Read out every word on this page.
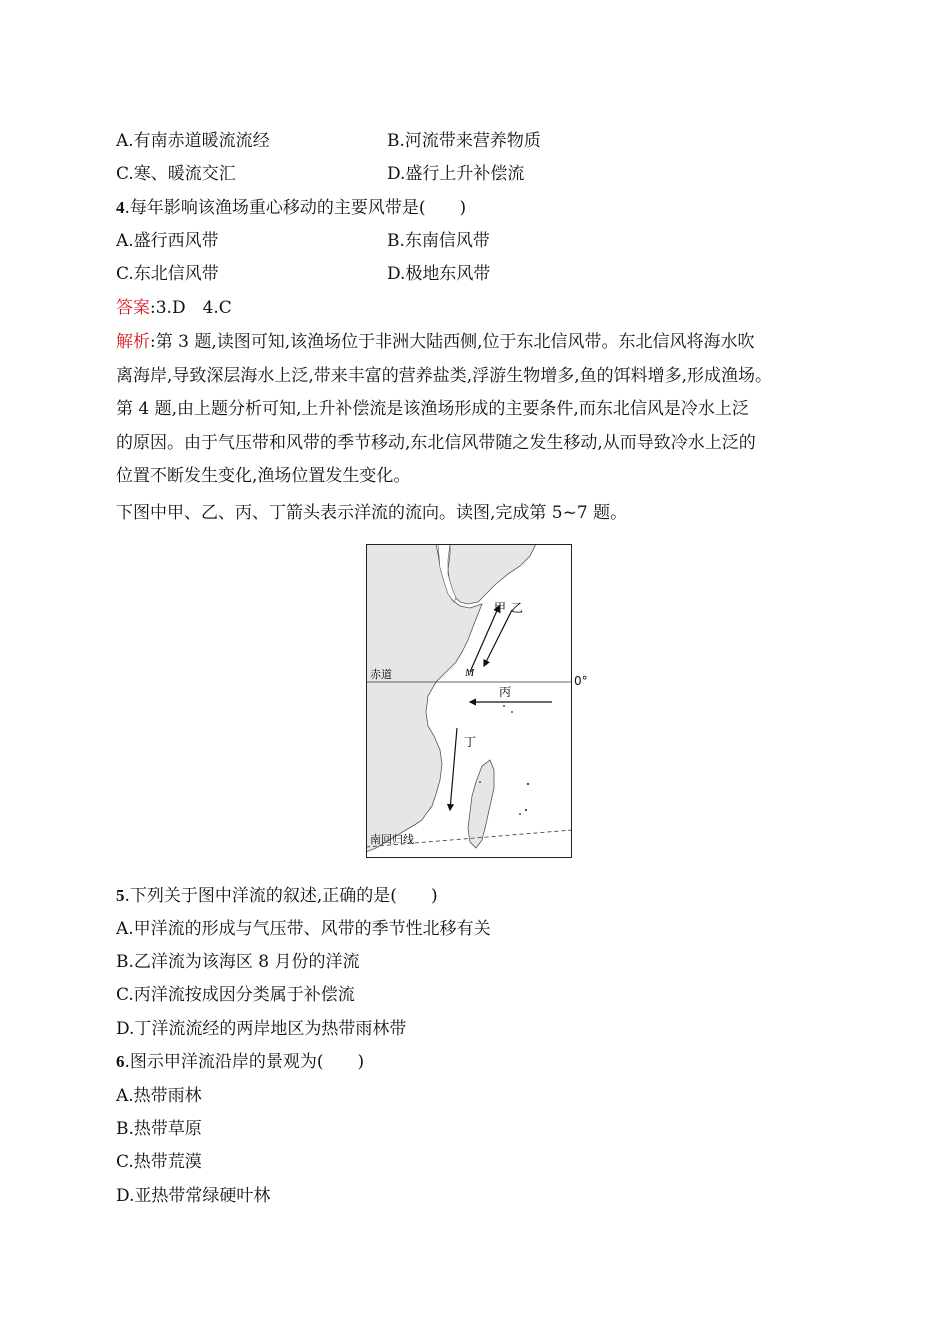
A.有南赤道暖流流经	B.河流带来营养物质
C.寒、暖流交汇	D.盛行上升补偿流
4.每年影响该渔场重心移动的主要风带是(　　)
A.盛行西风带	B.东南信风带
C.东北信风带	D.极地东风带
答案:3.D　4.C
解析:第 3 题,读图可知,该渔场位于非洲大陆西侧,位于东北信风带。东北信风将海水吹
离海岸,导致深层海水上泛,带来丰富的营养盐类,浮游生物增多,鱼的饵料增多,形成渔场。
第 4 题,由上题分析可知,上升补偿流是该渔场形成的主要条件,而东北信风是冷水上泛
的原因。由于气压带和风带的季节移动,东北信风带随之发生移动,从而导致冷水上泛的
位置不断发生变化,渔场位置发生变化。
下图中甲、乙、丙、丁箭头表示洋流的流向。读图,完成第 5~7 题。
甲 乙
M
赤道
丙
丁
南回归线
0°
5.下列关于图中洋流的叙述,正确的是(　　)
A.甲洋流的形成与气压带、风带的季节性北移有关
B.乙洋流为该海区 8 月份的洋流
C.丙洋流按成因分类属于补偿流
D.丁洋流流经的两岸地区为热带雨林带
6.图示甲洋流沿岸的景观为(　　)
A.热带雨林
B.热带草原
C.热带荒漠
D.亚热带常绿硬叶林
